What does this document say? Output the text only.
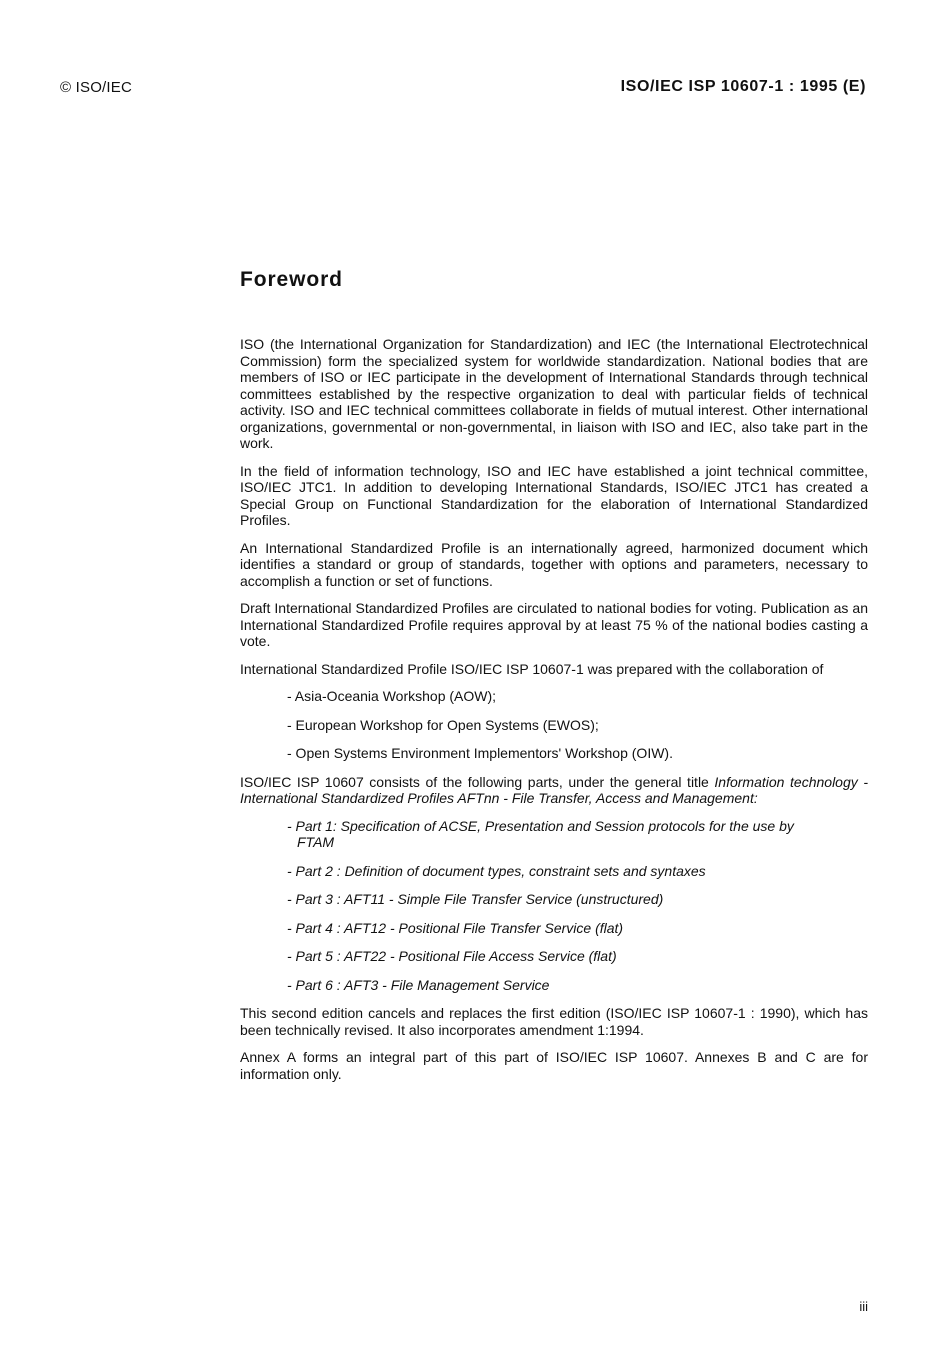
© ISO/IEC	ISO/IEC ISP 10607-1 : 1995 (E)
Foreword

ISO (the International Organization for Standardization) and IEC (the International Electrotechnical Commission) form the specialized system for worldwide standardization. National bodies that are members of ISO or IEC participate in the development of International Standards through technical committees established by the respective organization to deal with particular fields of technical activity. ISO and IEC technical committees collaborate in fields of mutual interest. Other international organizations, governmental or non-governmental, in liaison with ISO and IEC, also take part in the work.

In the field of information technology, ISO and IEC have established a joint technical committee, ISO/IEC JTC1. In addition to developing International Standards, ISO/IEC JTC1 has created a Special Group on Functional Standardization for the elaboration of International Standardized Profiles.

An International Standardized Profile is an internationally agreed, harmonized document which identifies a standard or group of standards, together with options and parameters, necessary to accomplish a function or set of functions.

Draft International Standardized Profiles are circulated to national bodies for voting. Publication as an International Standardized Profile requires approval by at least 75 % of the national bodies casting a vote.

International Standardized Profile ISO/IEC ISP 10607-1 was prepared with the collaboration of

- Asia-Oceania Workshop (AOW);
- European Workshop for Open Systems (EWOS);
- Open Systems Environment Implementors' Workshop (OIW).

ISO/IEC ISP 10607 consists of the following parts, under the general title Information technology - International Standardized Profiles AFTnn - File Transfer, Access and Management:

- Part 1: Specification of ACSE, Presentation and Session protocols for the use by
FTAM
- Part 2 : Definition of document types, constraint sets and syntaxes
- Part 3 : AFT11 - Simple File Transfer Service (unstructured)
- Part 4 : AFT12 - Positional File Transfer Service (flat)
- Part 5 : AFT22 - Positional File Access Service (flat)
- Part 6 : AFT3 - File Management Service

This second edition cancels and replaces the first edition (ISO/IEC ISP 10607-1 : 1990), which has been technically revised. It also incorporates amendment 1:1994.

Annex A forms an integral part of this part of ISO/IEC ISP 10607. Annexes B and C are for information only.

iii
